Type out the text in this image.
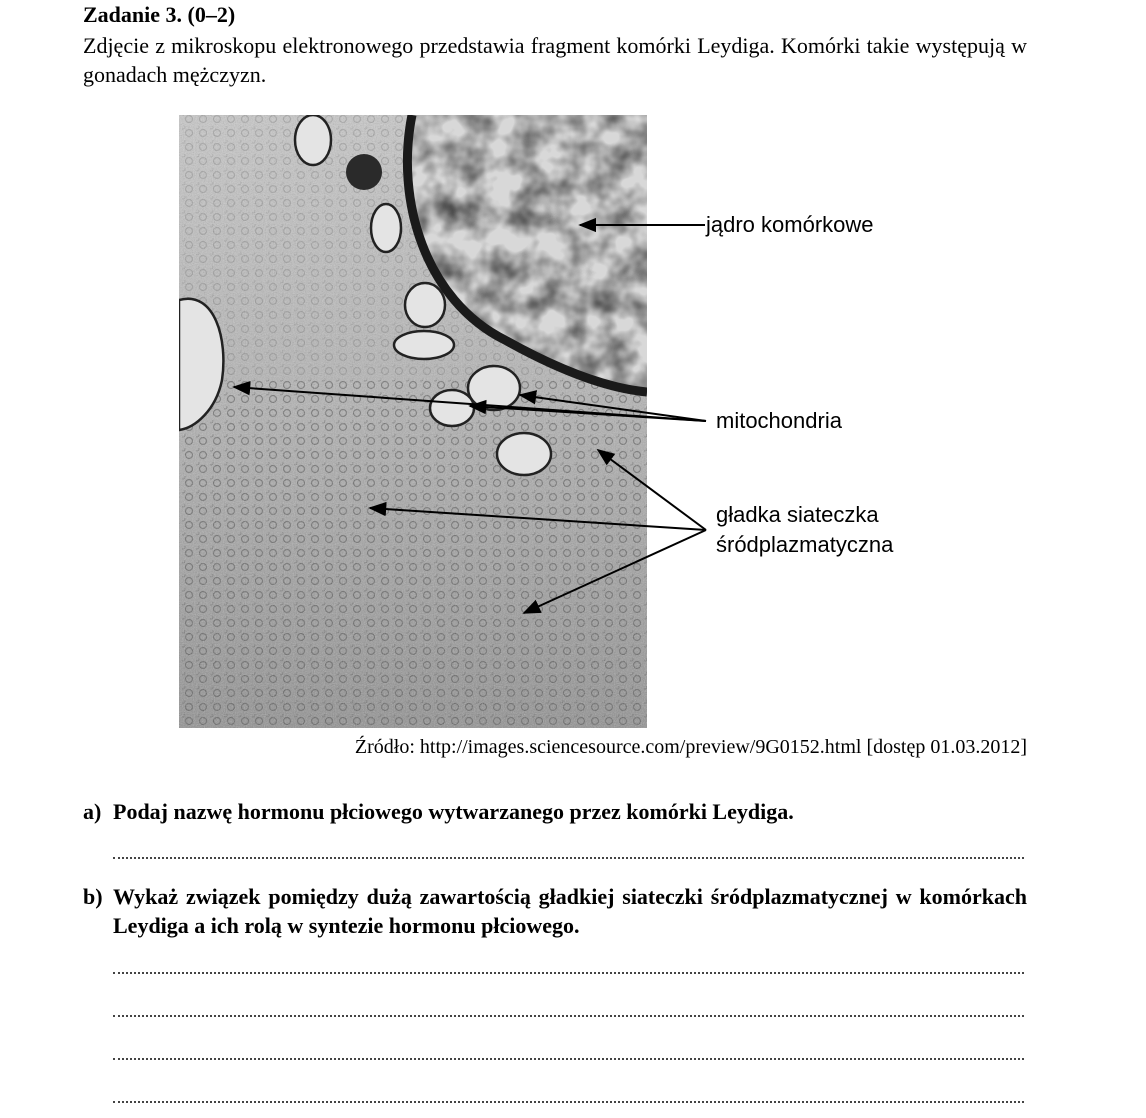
Zadanie 3. (0–2)

Zdjęcie z mikroskopu elektronowego przedstawia fragment komórki Leydiga. Komórki takie występują w gonadach mężczyzn.

jądro komórkowe
mitochondria
gładka siateczka
śródplazmatyczna
Źródło: http://images.sciencesource.com/preview/9G0152.html [dostęp 01.03.2012]
a) Podaj nazwę hormonu płciowego wytwarzanego przez komórki Leydiga.
b) Wykaż związek pomiędzy dużą zawartością gładkiej siateczki śródplazmatycznej w komórkach Leydiga a ich rolą w syntezie hormonu płciowego.
